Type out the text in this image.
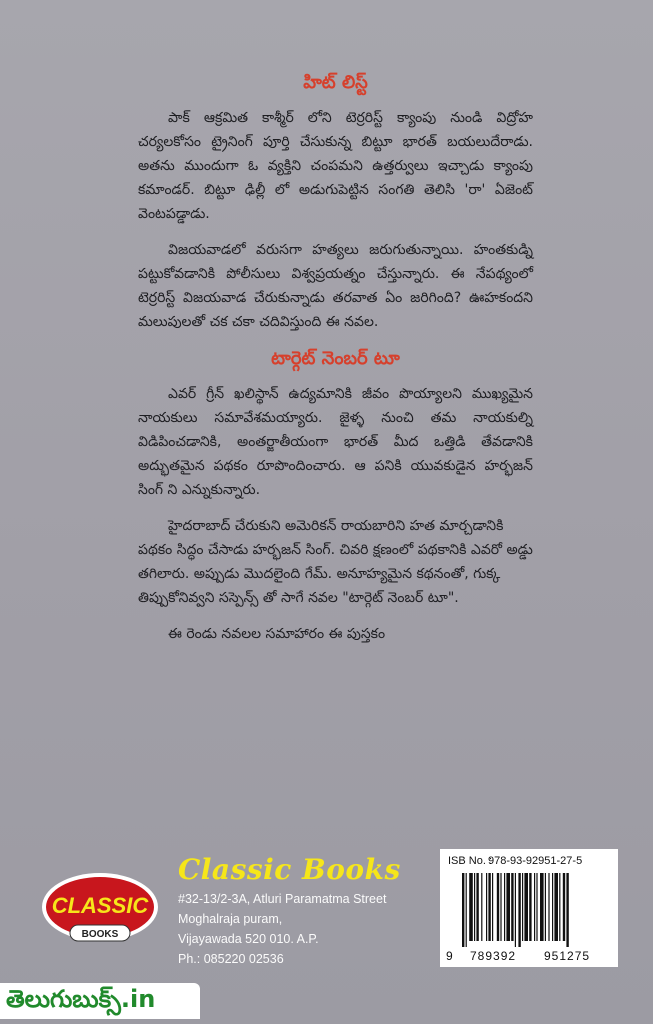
హిట్ లిస్ట్

పాక్ ఆక్రమిత కాశ్మీర్ లోని టెర్రరిస్ట్ క్యాంపు నుండి విద్రోహ చర్యలకోసం ట్రైనింగ్ పూర్తి చేసుకున్న బిట్టూ భారత్ బయలుదేరాడు. అతను ముందుగా ఓ వ్యక్తిని చంపమని ఉత్తర్వులు ఇచ్చాడు క్యాంపు కమాండర్. బిట్టూ ఢిల్లీ లో అడుగుపెట్టిన సంగతి తెలిసి 'రా' ఏజెంట్ వెంటపడ్డాడు.

విజయవాడలో వరుసగా హత్యలు జరుగుతున్నాయి. హంతకుడ్ని పట్టుకోవడానికి పోలీసులు విశ్వప్రయత్నం చేస్తున్నారు. ఈ నేపథ్యంలో టెర్రరిస్ట్ విజయవాడ చేరుకున్నాడు తరవాత ఏం జరిగింది? ఊహకందని మలుపులతో చక చకా చదివిస్తుంది ఈ నవల.

టార్గెట్ నెంబర్ టూ

ఎవర్ గ్రీన్ ఖలిస్థాన్ ఉద్యమానికి జీవం పొయ్యాలని ముఖ్యమైన నాయకులు సమావేశమయ్యారు. జైళ్ళ నుంచి తమ నాయకుల్ని విడిపించడానికి, అంతర్జాతీయంగా భారత్ మీద ఒత్తిడి తేవడానికి అద్భుతమైన పథకం రూపొందించారు. ఆ పనికి యువకుడైన హర్భజన్ సింగ్ ని ఎన్నుకున్నారు.

హైదరాబాద్ చేరుకుని అమెరికన్ రాయబారిని హత మార్చడానికి పథకం సిద్ధం చేసాడు హర్భజన్ సింగ్. చివరి క్షణంలో పథకానికి ఎవరో అడ్డు తగిలారు. అప్పుడు మొదలైంది గేమ్. అనూహ్యమైన కథనంతో, గుక్క తిప్పుకోనివ్వని సస్పెన్స్ తో సాగే నవల "టార్గెట్ నెంబర్ టూ".

ఈ రెండు నవలల సమాహారం ఈ పుస్తకం

CLASSIC
BOOKS
Classic Books
#32-13/2-3A, Atluri Paramatma Street
Moghalraja puram,
Vijayawada 520 010. A.P.
Ph.: 085220 02536
ISB No. :
978-93-92951-27-5
9 789392 951275
తెలుగుబుక్స్.in
